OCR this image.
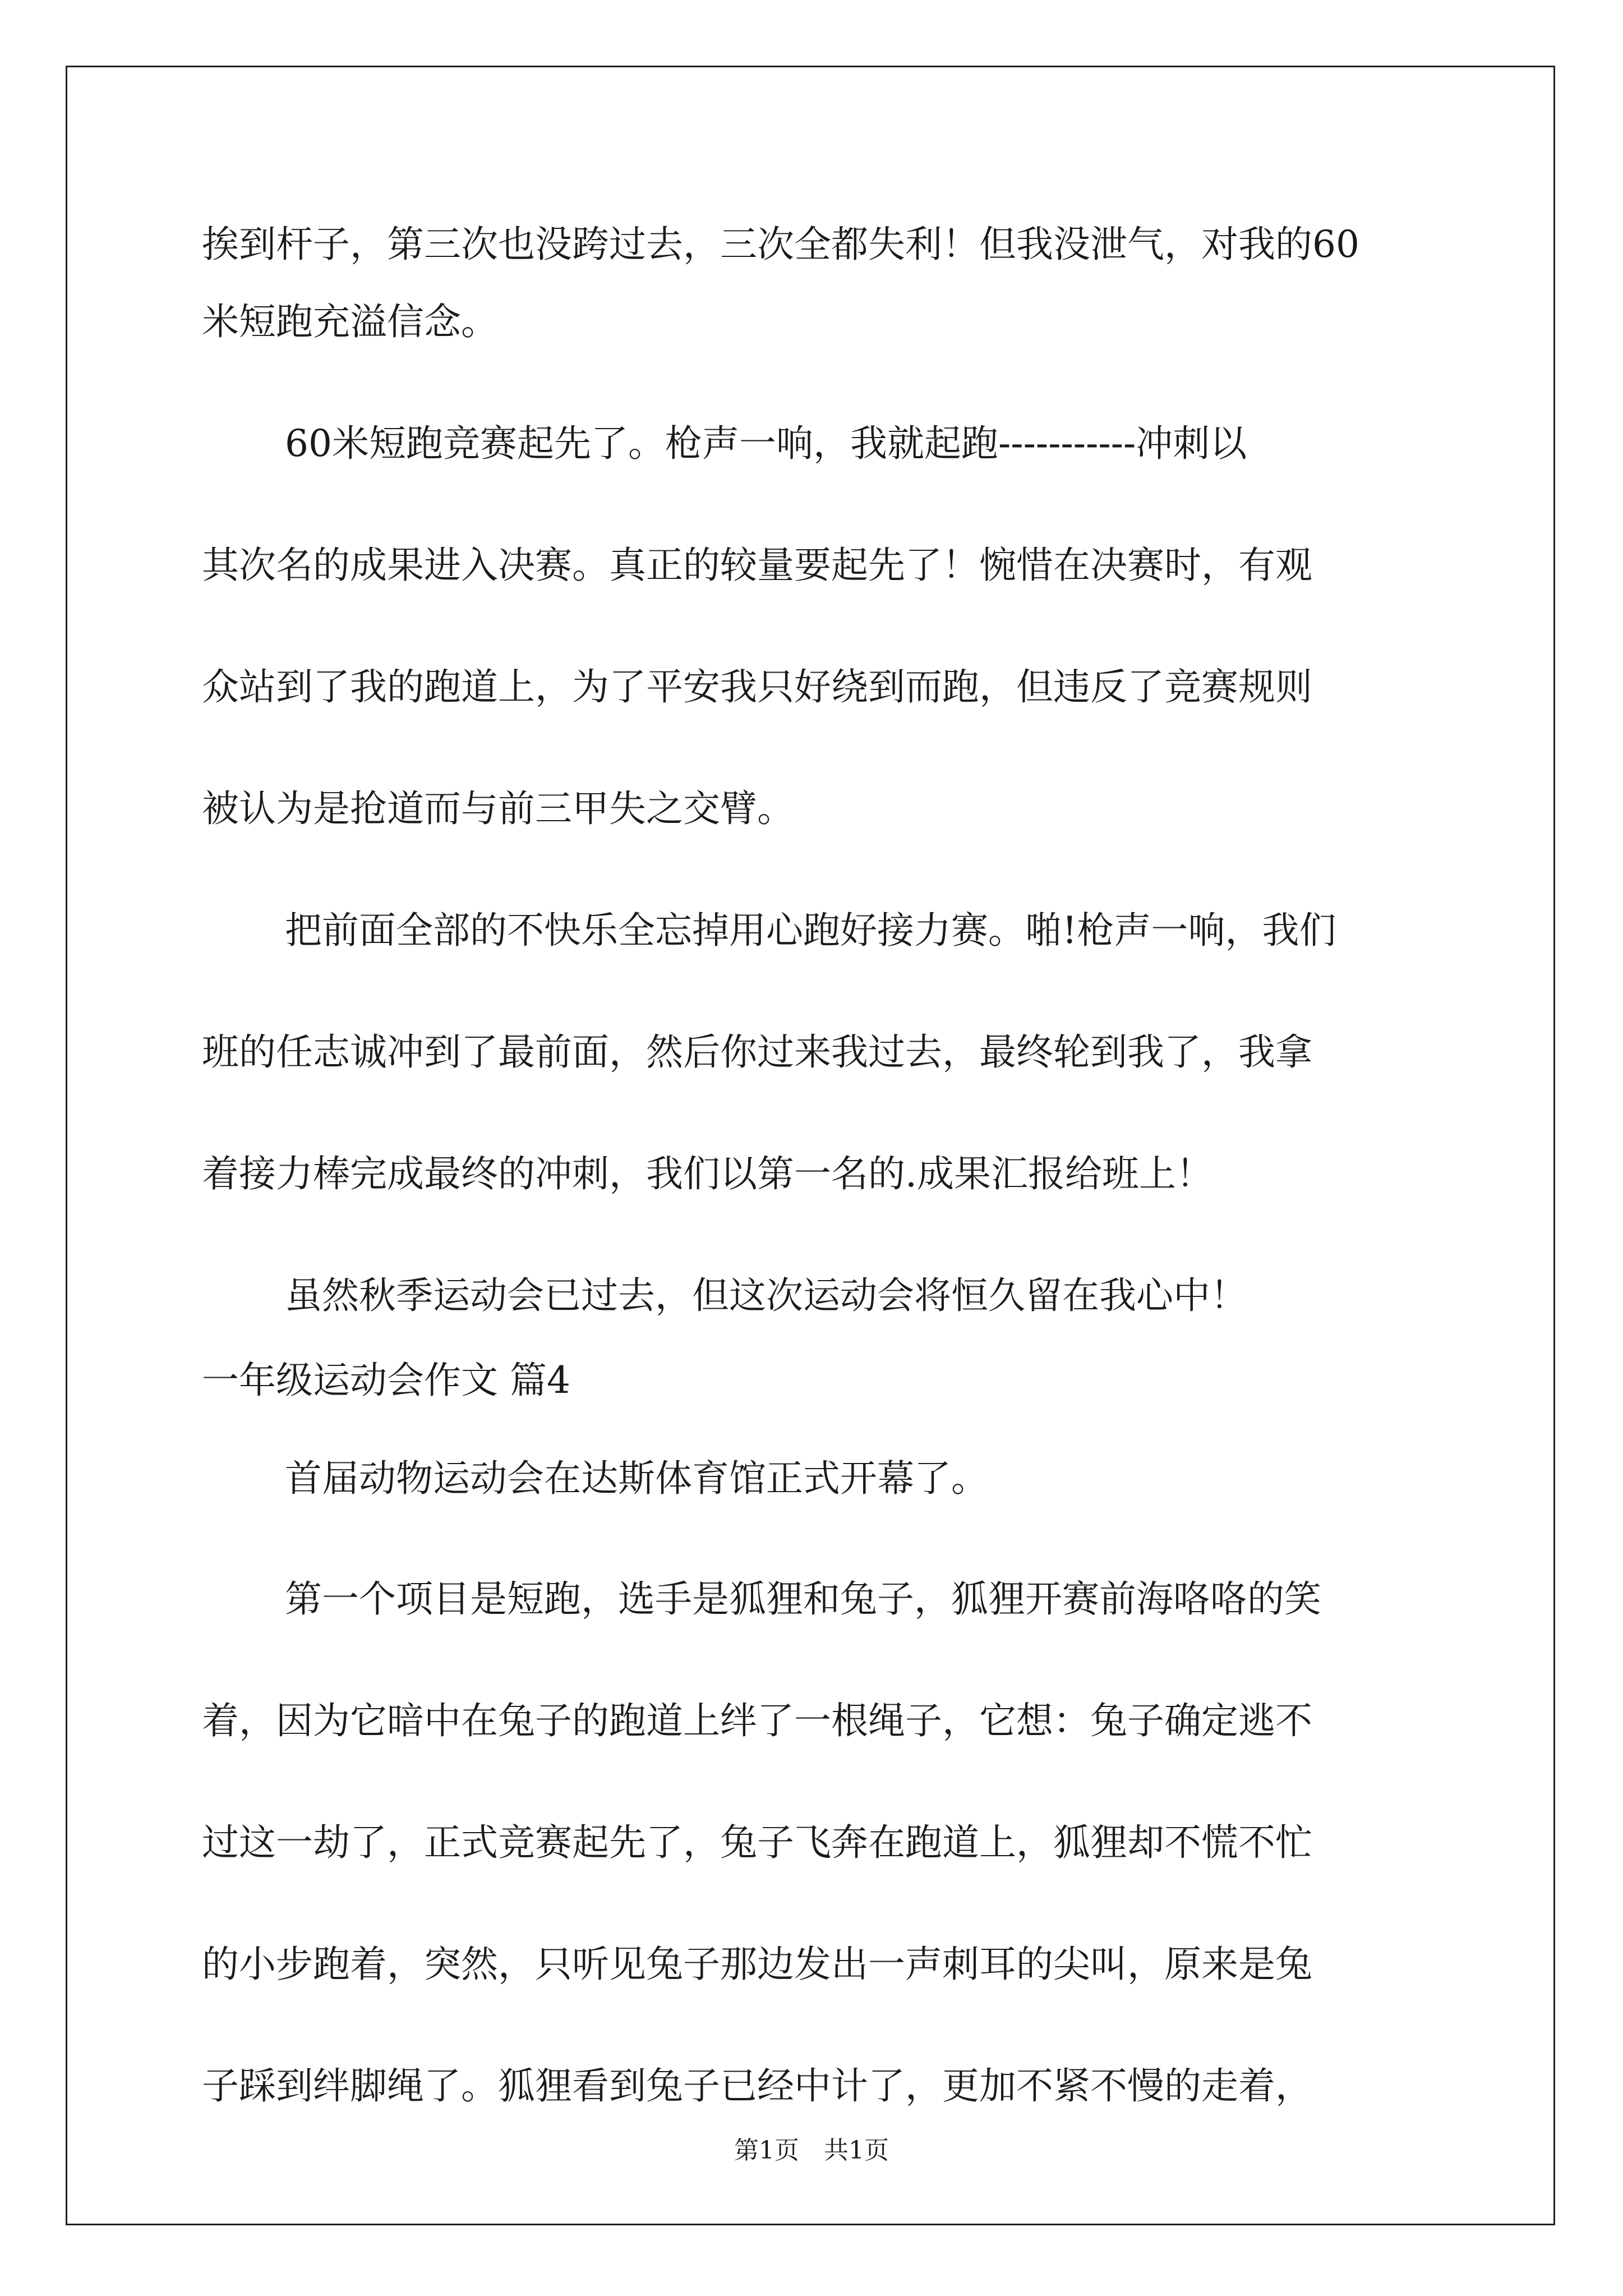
挨到杆子，第三次也没跨过去，三次全都失利！但我没泄气，对我的60
米短跑充溢信念。
60米短跑竞赛起先了。枪声一响，我就起跑-----------冲刺以
其次名的成果进入决赛。真正的较量要起先了！惋惜在决赛时，有观
众站到了我的跑道上，为了平安我只好绕到而跑，但违反了竞赛规则
被认为是抢道而与前三甲失之交臂。
把前面全部的不快乐全忘掉用心跑好接力赛。啪!枪声一响，我们
班的任志诚冲到了最前面，然后你过来我过去，最终轮到我了，我拿
着接力棒完成最终的冲刺，我们以第一名的.成果汇报给班上！
虽然秋季运动会已过去，但这次运动会将恒久留在我心中！
一年级运动会作文 篇4
首届动物运动会在达斯体育馆正式开幕了。
第一个项目是短跑，选手是狐狸和兔子，狐狸开赛前海咯咯的笑
着，因为它暗中在兔子的跑道上绊了一根绳子，它想：兔子确定逃不
过这一劫了，正式竞赛起先了，兔子飞奔在跑道上，狐狸却不慌不忙
的小步跑着，突然，只听见兔子那边发出一声刺耳的尖叫，原来是兔
子踩到绊脚绳了。狐狸看到兔子已经中计了，更加不紧不慢的走着，
第1页　共1页
